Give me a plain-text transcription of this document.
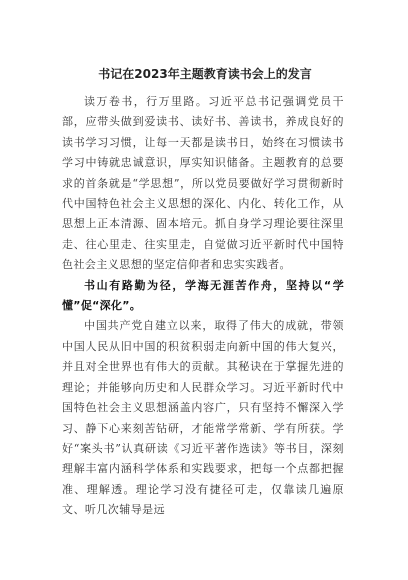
书记在2023年主题教育读书会上的发言

读万卷书，行万里路。习近平总书记强调党员干部，应带头做到爱读书、读好书、善读书，养成良好的读书学习习惯，让每一天都是读书日，始终在习惯读书学习中铸就忠诚意识，厚实知识储备。主题教育的总要求的首条就是“学思想”，所以党员要做好学习贯彻新时代中国特色社会主义思想的深化、内化、转化工作，从思想上正本清源、固本培元。抓自身学习理论要往深里走、往心里走、往实里走，自觉做习近平新时代中国特色社会主义思想的坚定信仰者和忠实实践者。

书山有路勤为径，学海无涯苦作舟，坚持以“学懂”促“深化”。

中国共产党自建立以来，取得了伟大的成就，带领中国人民从旧中国的积贫积弱走向新中国的伟大复兴，并且对全世界也有伟大的贡献。其秘诀在于掌握先进的理论；并能够向历史和人民群众学习。习近平新时代中国特色社会主义思想涵盖内容广，只有坚持不懈深入学习、静下心来刻苦钻研，才能常学常新、学有所获。学好“案头书”认真研读《习近平著作选读》等书目，深刻理解丰富内涵科学体系和实践要求，把每一个点都把握准、理解透。理论学习没有捷径可走，仅靠读几遍原文、听几次辅导是远
